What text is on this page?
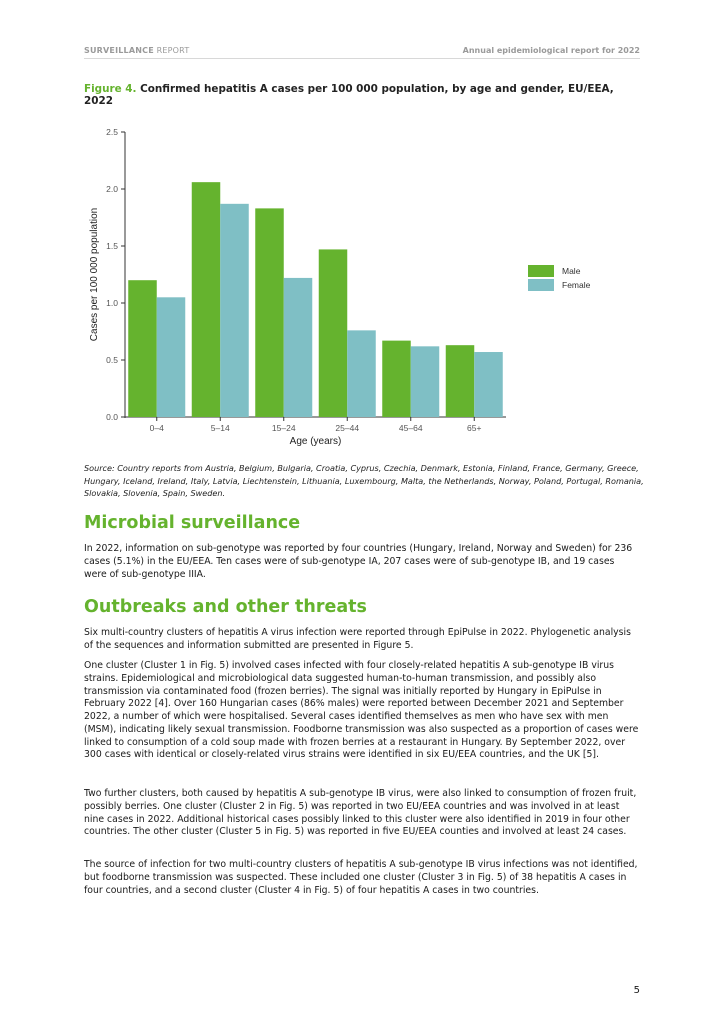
SURVEILLANCE REPORT	Annual epidemiological report for 2022
Figure 4. Confirmed hepatitis A cases per 100 000 population, by age and gender, EU/EEA, 2022
0.0
0.5
1.0
1.5
2.0
2.5
0–4	5–14	15–24	25–44	45–64	65+
Age (years)
Cases per 100 000 population	Male
Female
Source: Country reports from Austria, Belgium, Bulgaria, Croatia, Cyprus, Czechia, Denmark, Estonia, Finland, France, Germany, Greece, Hungary, Iceland, Ireland, Italy, Latvia, Liechtenstein, Lithuania, Luxembourg, Malta, the Netherlands, Norway, Poland, Portugal, Romania, Slovakia, Slovenia, Spain, Sweden.
Microbial surveillance

In 2022, information on sub-genotype was reported by four countries (Hungary, Ireland, Norway and Sweden) for 236 cases (5.1%) in the EU/EEA. Ten cases were of sub-genotype IA, 207 cases were of sub-genotype IB, and 19 cases were of sub-genotype IIIA.

Outbreaks and other threats

Six multi-country clusters of hepatitis A virus infection were reported through EpiPulse in 2022. Phylogenetic analysis of the sequences and information submitted are presented in Figure 5.

One cluster (Cluster 1 in Fig. 5) involved cases infected with four closely-related hepatitis A sub-genotype IB virus strains. Epidemiological and microbiological data suggested human-to-human transmission, and possibly also transmission via contaminated food (frozen berries). The signal was initially reported by Hungary in EpiPulse in February 2022 [4]. Over 160 Hungarian cases (86% males) were reported between December 2021 and September 2022, a number of which were hospitalised. Several cases identified themselves as men who have sex with men (MSM), indicating likely sexual transmission. Foodborne transmission was also suspected as a proportion of cases were linked to consumption of a cold soup made with frozen berries at a restaurant in Hungary. By September 2022, over 300 cases with identical or closely-related virus strains were identified in six EU/EEA countries, and the UK [5].

Two further clusters, both caused by hepatitis A sub-genotype IB virus, were also linked to consumption of frozen fruit, possibly berries. One cluster (Cluster 2 in Fig. 5) was reported in two EU/EEA countries and was involved in at least nine cases in 2022. Additional historical cases possibly linked to this cluster were also identified in 2019 in four other countries. The other cluster (Cluster 5 in Fig. 5) was reported in five EU/EEA counties and involved at least 24 cases.

The source of infection for two multi-country clusters of hepatitis A sub-genotype IB virus infections was not identified, but foodborne transmission was suspected. These included one cluster (Cluster 3 in Fig. 5) of 38 hepatitis A cases in four countries, and a second cluster (Cluster 4 in Fig. 5) of four hepatitis A cases in two countries.

5
